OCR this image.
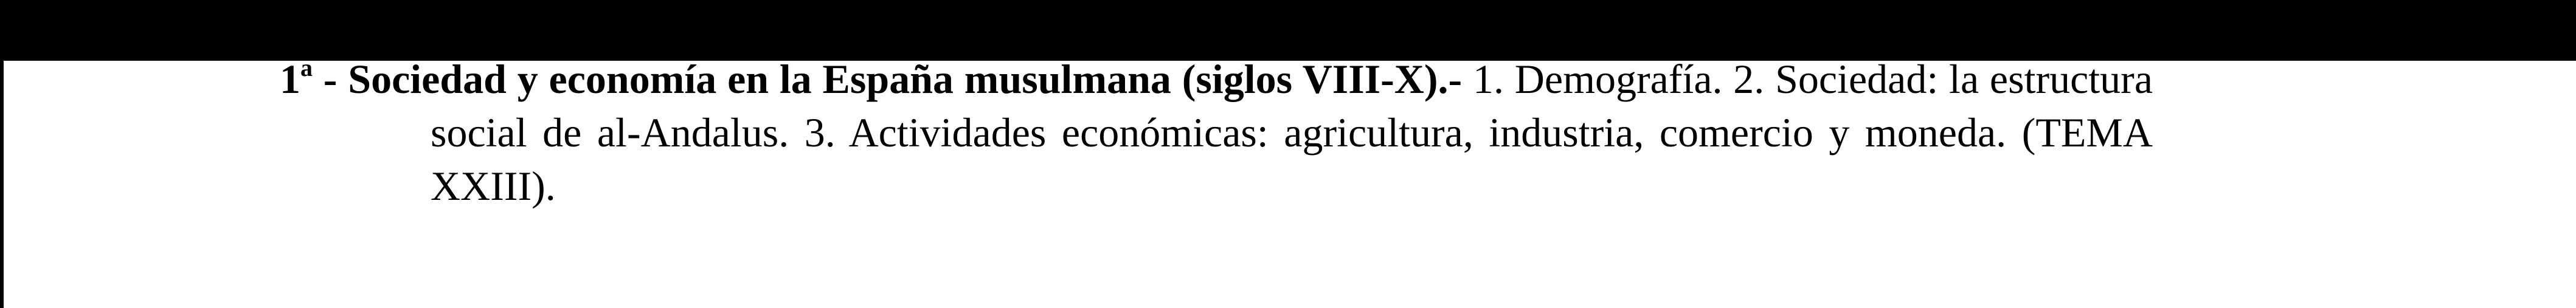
1$^a$ - Sociedad y economía en la España musulmana (siglos VIII-X).- 1. Demografía. 2. Sociedad: la estructura social de al-Andalus. 3. Actividades económicas: agricultura, industria, comercio y moneda. (TEMA XXIII).
